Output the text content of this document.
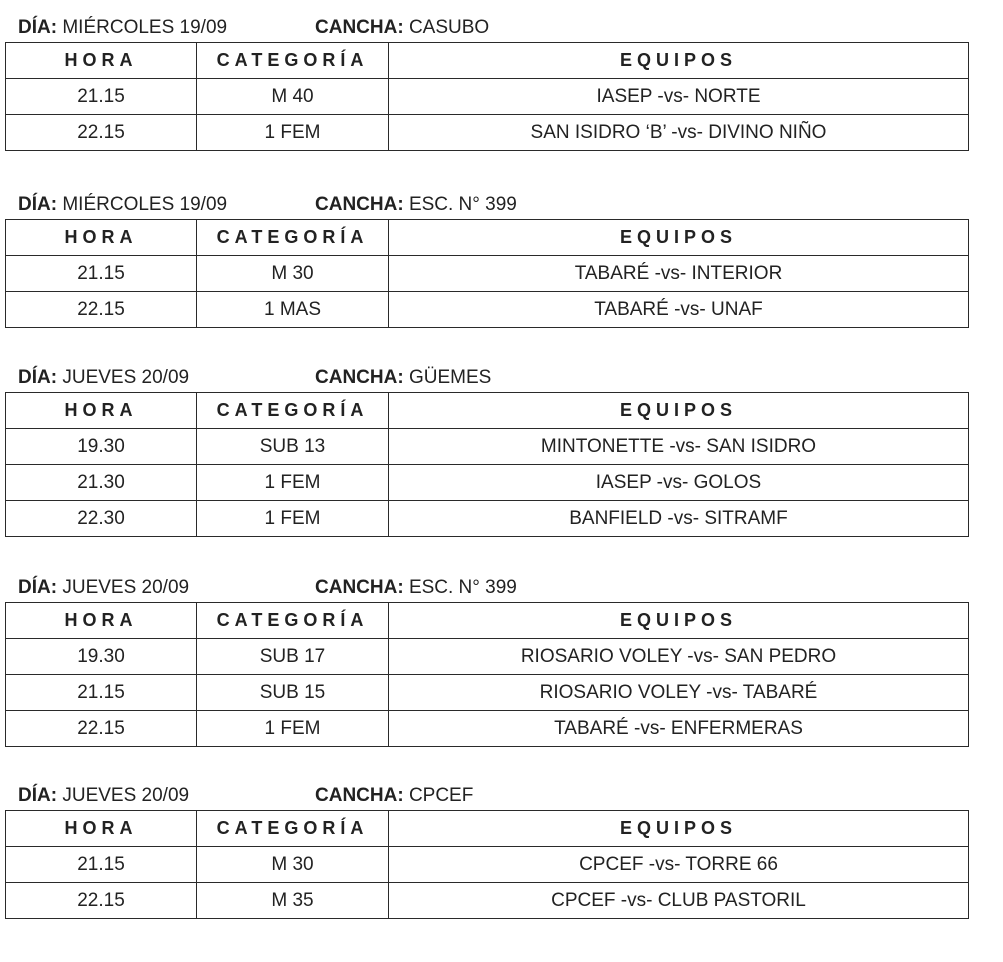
DÍA: MIÉRCOLES 19/09	CANCHA: CASUBO
HORA	CATEGORÍA	EQUIPOS
21.15	M 40	IASEP -vs- NORTE
22.15	1 FEM	SAN ISIDRO ‘B’ -vs- DIVINO NIÑO
DÍA: MIÉRCOLES 19/09	CANCHA: ESC. N° 399
HORA	CATEGORÍA	EQUIPOS
21.15	M 30	TABARÉ -vs- INTERIOR
22.15	1 MAS	TABARÉ -vs- UNAF
DÍA: JUEVES 20/09	CANCHA: GÜEMES
HORA	CATEGORÍA	EQUIPOS
19.30	SUB 13	MINTONETTE -vs- SAN ISIDRO
21.30	1 FEM	IASEP -vs- GOLOS
22.30	1 FEM	BANFIELD -vs- SITRAMF
DÍA: JUEVES 20/09	CANCHA: ESC. N° 399
HORA	CATEGORÍA	EQUIPOS
19.30	SUB 17	RIOSARIO VOLEY -vs- SAN PEDRO
21.15	SUB 15	RIOSARIO VOLEY -vs- TABARÉ
22.15	1 FEM	TABARÉ -vs- ENFERMERAS
DÍA: JUEVES 20/09	CANCHA: CPCEF
HORA	CATEGORÍA	EQUIPOS
21.15	M 30	CPCEF -vs- TORRE 66
22.15	M 35	CPCEF -vs- CLUB PASTORIL
